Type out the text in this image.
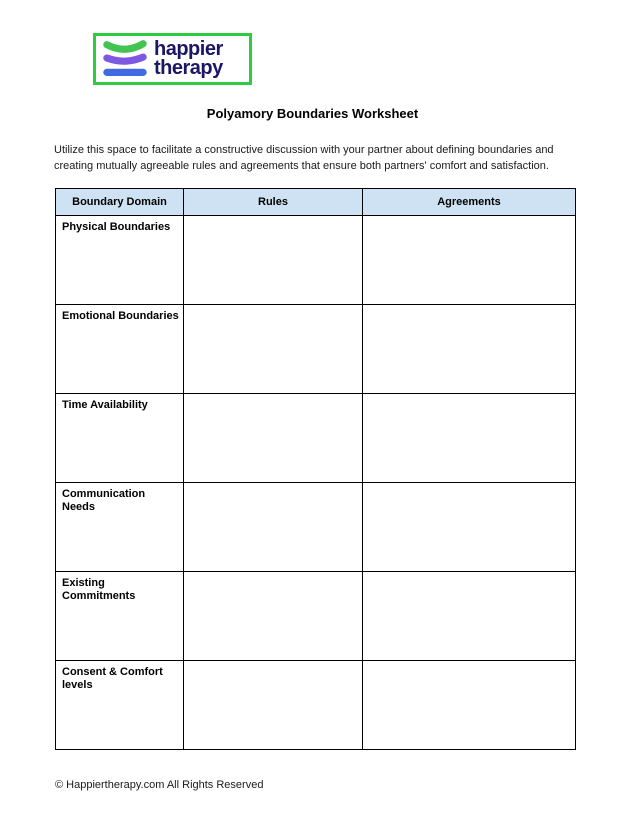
happier
therapy
Polyamory Boundaries Worksheet

Utilize this space to facilitate a constructive discussion with your partner about defining boundaries and creating mutually agreeable rules and agreements that ensure both partners' comfort and satisfaction.

Boundary Domain	Rules	Agreements
Physical Boundaries		
Emotional Boundaries		
Time Availability		
Communication Needs		
Existing Commitments		
Consent & Comfort levels		

© Happiertherapy.com All Rights Reserved
